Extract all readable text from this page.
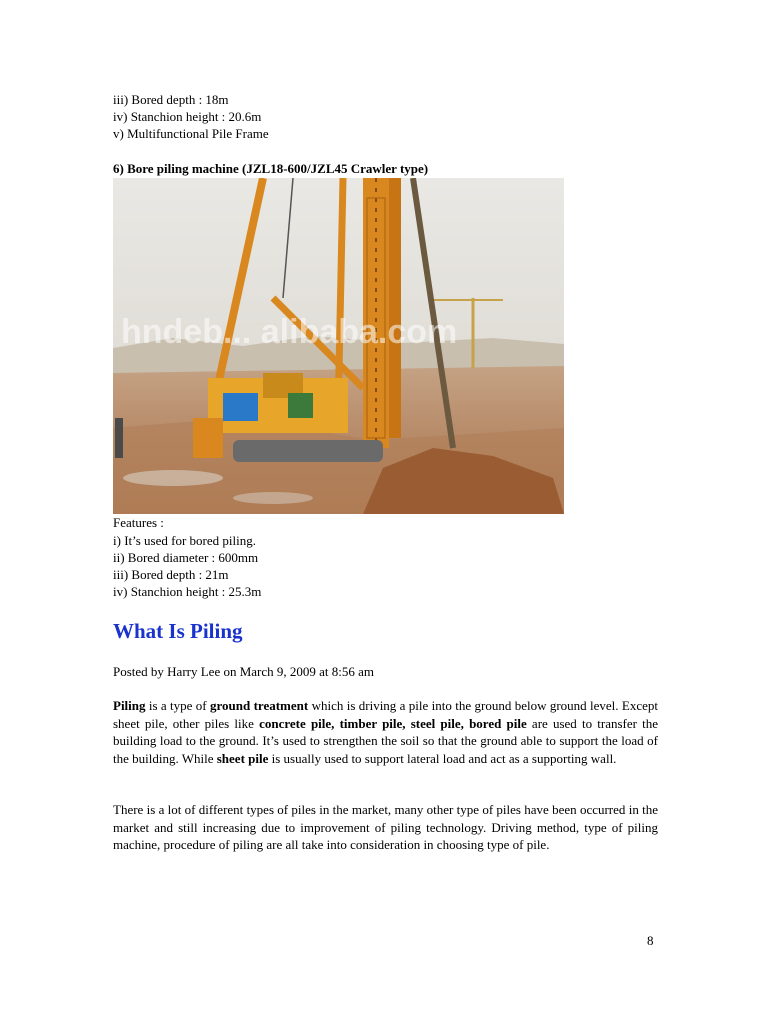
iii) Bored depth : 18m
iv) Stanchion height : 20.6m
v) Multifunctional Pile Frame
6) Bore piling machine (JZL18-600/JZL45 Crawler type)
hndeb... alibaba.com
Features :
i) It’s used for bored piling.
ii) Bored diameter : 600mm
iii) Bored depth : 21m
iv) Stanchion height : 25.3m
What Is Piling
Posted by Harry Lee on March 9, 2009 at 8:56 am
Piling is a type of ground treatment which is driving a pile into the ground below ground level. Except sheet pile, other piles like concrete pile, timber pile, steel pile, bored pile are used to transfer the building load to the ground. It’s used to strengthen the soil so that the ground able to support the load of the building. While sheet pile is usually used to support lateral load and act as a supporting wall.
There is a lot of different types of piles in the market, many other type of piles have been occurred in the market and still increasing due to improvement of piling technology. Driving method, type of piling machine, procedure of piling are all take into consideration in choosing type of pile.
8
